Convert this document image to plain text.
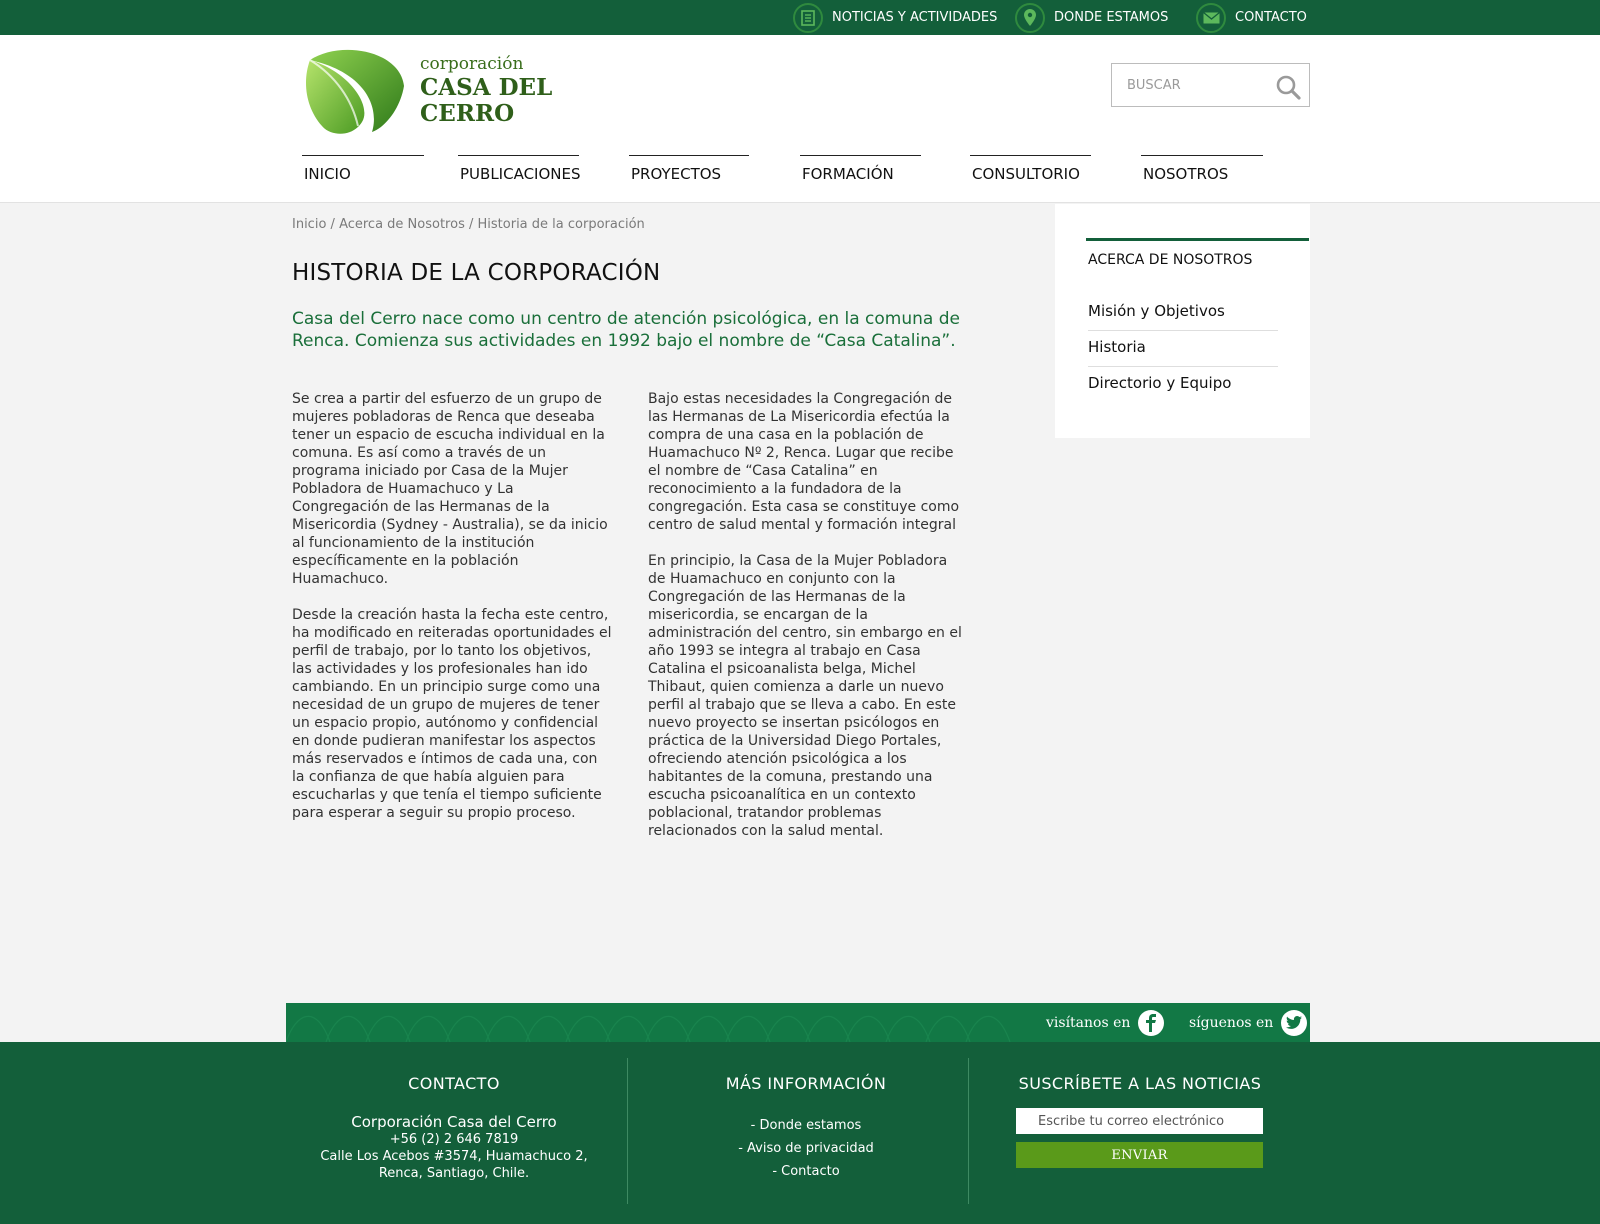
NOTICIAS Y ACTIVIDADES	DONDE ESTAMOS	CONTACTO
corporación
CASA DEL
CERRO
BUSCAR
INICIO	PUBLICACIONES	PROYECTOS	FORMACIÓN	CONSULTORIO	NOSOTROS
Inicio / Acerca de Nosotros / Historia de la corporación
HISTORIA DE LA CORPORACIÓN

Casa del Cerro nace como un centro de atención psicológica, en la comuna de Renca. Comienza sus actividades en 1992 bajo el nombre de “Casa Catalina”.

Se crea a partir del esfuerzo de un grupo de mujeres pobladoras de Renca que deseaba tener un espacio de escucha individual en la comuna. Es así como a través de un programa iniciado por Casa de la Mujer Pobladora de Huamachuco y La Congregación de las Hermanas de la Misericordia (Sydney - Australia), se da inicio al funcionamiento de la institución específicamente en la población Huamachuco.

Desde la creación hasta la fecha este centro, ha modificado en reiteradas oportunidades el perfil de trabajo, por lo tanto los objetivos, las actividades y los profesionales han ido cambiando. En un principio surge como una necesidad de un grupo de mujeres de tener un espacio propio, autónomo y confidencial en donde pudieran manifestar los aspectos más reservados e íntimos de cada una, con la confianza de que había alguien para escucharlas y que tenía el tiempo suficiente para esperar a seguir su propio proceso.

Bajo estas necesidades la Congregación de las Hermanas de La Misericordia efectúa la compra de una casa en la población de Huamachuco Nº 2, Renca. Lugar que recibe el nombre de “Casa Catalina” en reconocimiento a la fundadora de la congregación. Esta casa se constituye como centro de salud mental y formación integral

En principio, la Casa de la Mujer Pobladora de Huamachuco en conjunto con la Congregación de las Hermanas de la misericordia, se encargan de la administración del centro, sin embargo en el año 1993 se integra al trabajo en Casa Catalina el psicoanalista belga, Michel Thibaut, quien comienza a darle un nuevo perfil al trabajo que se lleva a cabo. En este nuevo proyecto se insertan psicólogos en práctica de la Universidad Diego Portales, ofreciendo atención psicológica a los habitantes de la comuna, prestando una escucha psicoanalítica en un contexto poblacional, tratandor problemas relacionados con la salud mental.

ACERCA DE NOSOTROS
Misión y Objetivos
Historia
Directorio y Equipo
visítanos en	síguenos en
CONTACTO
Corporación Casa del Cerro
+56 (2) 2 646 7819
Calle Los Acebos #3574, Huamachuco 2,
Renca, Santiago, Chile.
MÁS INFORMACIÓN
- Donde estamos
- Aviso de privacidad
- Contacto
SUSCRÍBETE A LAS NOTICIAS
Escribe tu correo electrónico
ENVIAR
